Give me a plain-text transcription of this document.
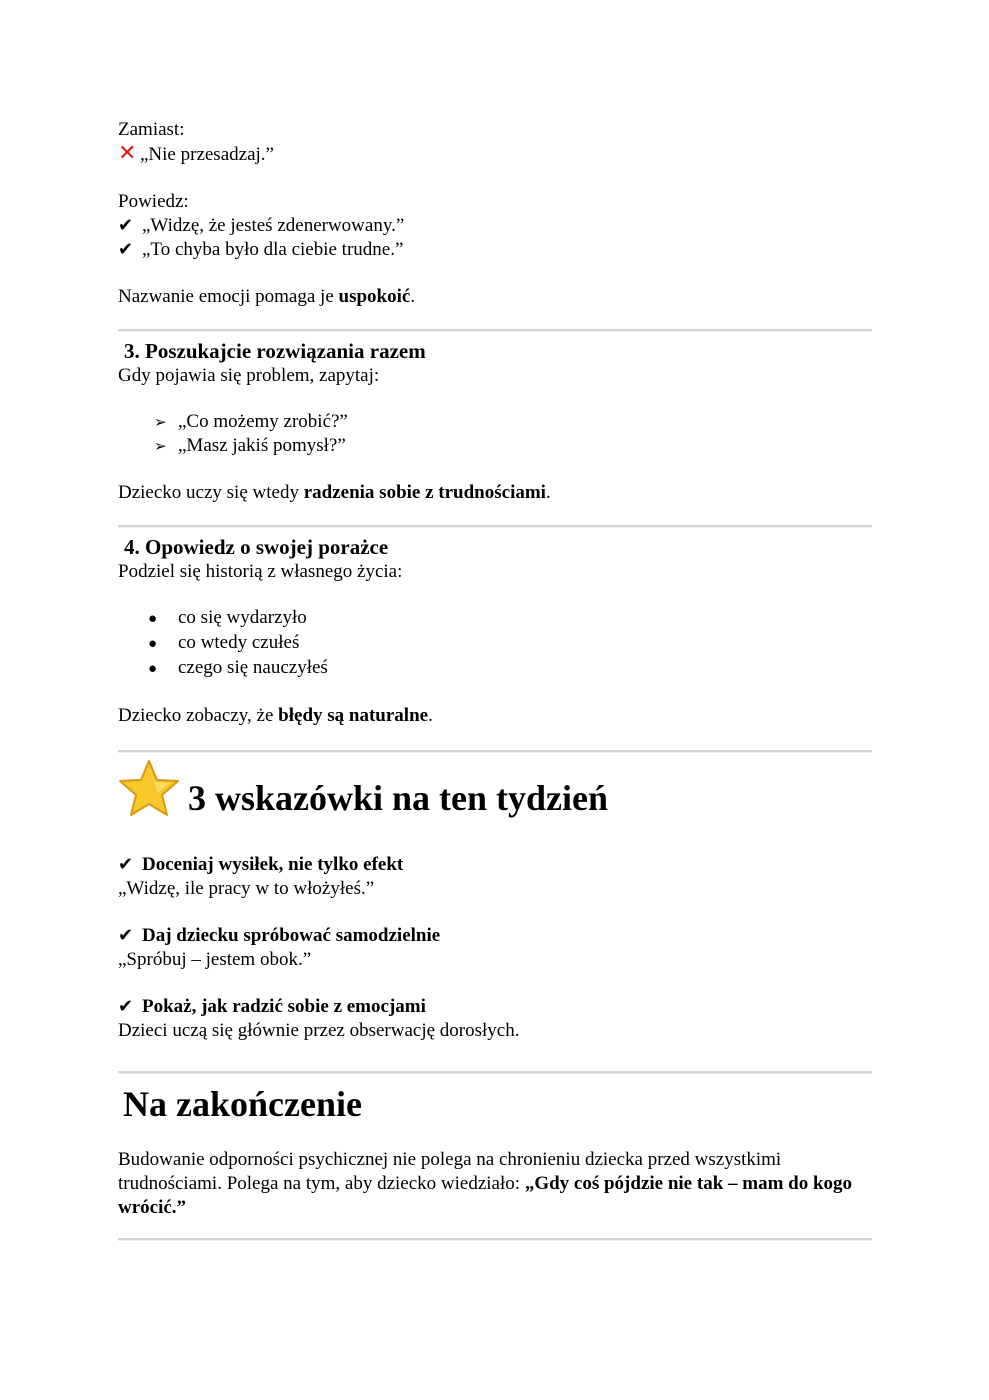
Zamiast:

✕ „Nie przesadzaj.”

Powiedz:

✔ „Widzę, że jesteś zdenerwowany.”

✔ „To chyba było dla ciebie trudne.”

Nazwanie emocji pomaga je uspokoić.

3. Poszukajcie rozwiązania razem

Gdy pojawia się problem, zapytaj:

➢ „Co możemy zrobić?”
➢ „Masz jakiś pomysł?”

Dziecko uczy się wtedy radzenia sobie z trudnościami.

4. Opowiedz o swojej porażce

Podziel się historią z własnego życia:

● co się wydarzyło
● co wtedy czułeś
● czego się nauczyłeś

Dziecko zobaczy, że błędy są naturalne.

3 wskazówki na ten tydzień

✔ Doceniaj wysiłek, nie tylko efekt

„Widzę, ile pracy w to włożyłeś.”

✔ Daj dziecku spróbować samodzielnie

„Spróbuj – jestem obok.”

✔ Pokaż, jak radzić sobie z emocjami

Dzieci uczą się głównie przez obserwację dorosłych.

Na zakończenie

Budowanie odporności psychicznej nie polega na chronieniu dziecka przed wszystkimi trudnościami. Polega na tym, aby dziecko wiedziało: „Gdy coś pójdzie nie tak – mam do kogo wrócić.”
